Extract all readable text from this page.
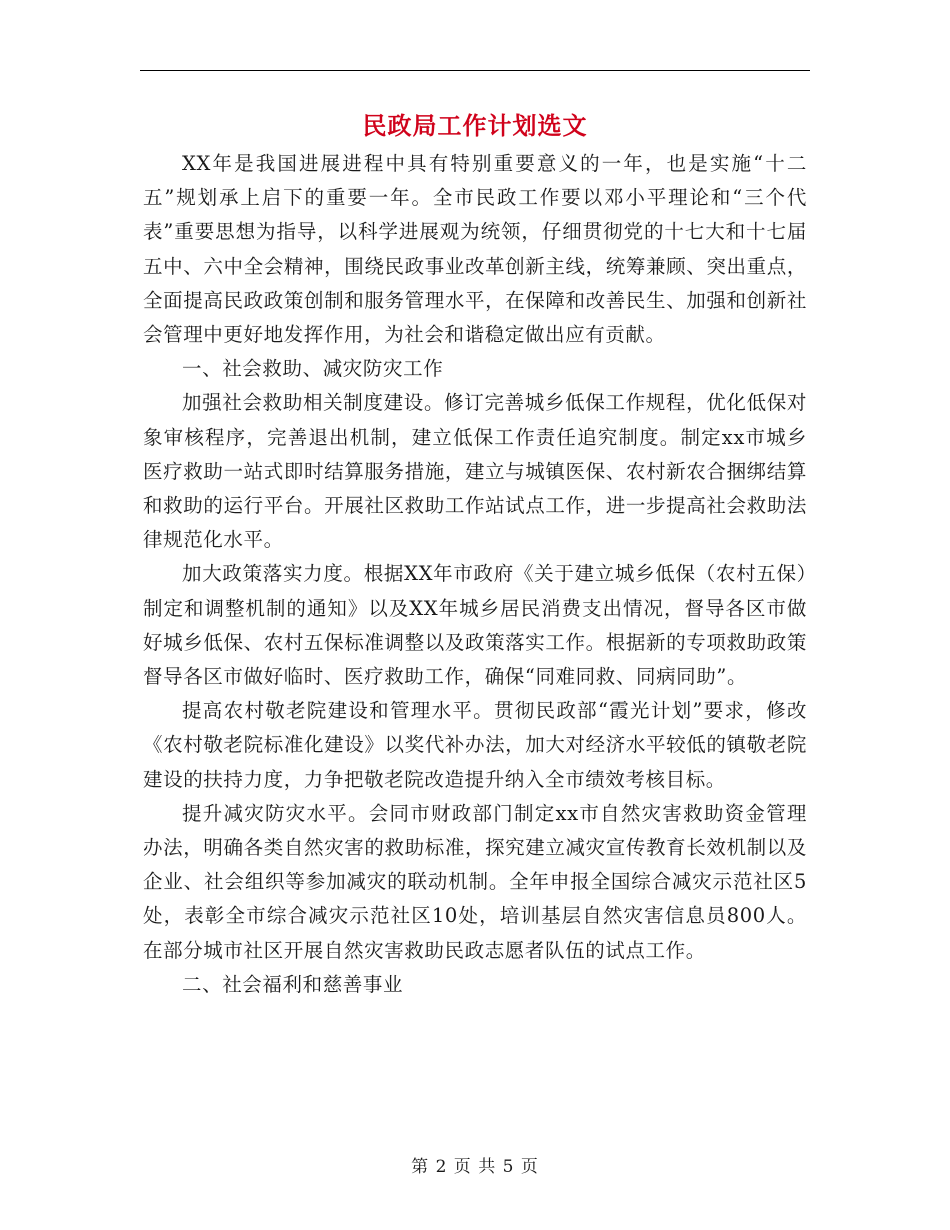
民政局工作计划选文

XX年是我国进展进程中具有特别重要意义的一年，也是实施“十二五”规划承上启下的重要一年。全市民政工作要以邓小平理论和“三个代表”重要思想为指导，以科学进展观为统领，仔细贯彻党的十七大和十七届五中、六中全会精神，围绕民政事业改革创新主线，统筹兼顾、突出重点，全面提高民政政策创制和服务管理水平，在保障和改善民生、加强和创新社会管理中更好地发挥作用，为社会和谐稳定做出应有贡献。

一、社会救助、减灾防灾工作

加强社会救助相关制度建设。修订完善城乡低保工作规程，优化低保对象审核程序，完善退出机制，建立低保工作责任追究制度。制定xx市城乡医疗救助一站式即时结算服务措施，建立与城镇医保、农村新农合捆绑结算和救助的运行平台。开展社区救助工作站试点工作，进一步提高社会救助法律规范化水平。

加大政策落实力度。根据XX年市政府《关于建立城乡低保（农村五保）制定和调整机制的通知》以及XX年城乡居民消费支出情况，督导各区市做好城乡低保、农村五保标准调整以及政策落实工作。根据新的专项救助政策督导各区市做好临时、医疗救助工作，确保“同难同救、同病同助”。

提高农村敬老院建设和管理水平。贯彻民政部“霞光计划”要求，修改《农村敬老院标准化建设》以奖代补办法，加大对经济水平较低的镇敬老院建设的扶持力度，力争把敬老院改造提升纳入全市绩效考核目标。

提升减灾防灾水平。会同市财政部门制定xx市自然灾害救助资金管理办法，明确各类自然灾害的救助标准，探究建立减灾宣传教育长效机制以及企业、社会组织等参加减灾的联动机制。全年申报全国综合减灾示范社区5处，表彰全市综合减灾示范社区10处，培训基层自然灾害信息员800人。在部分城市社区开展自然灾害救助民政志愿者队伍的试点工作。

二、社会福利和慈善事业

第 2 页 共 5 页
